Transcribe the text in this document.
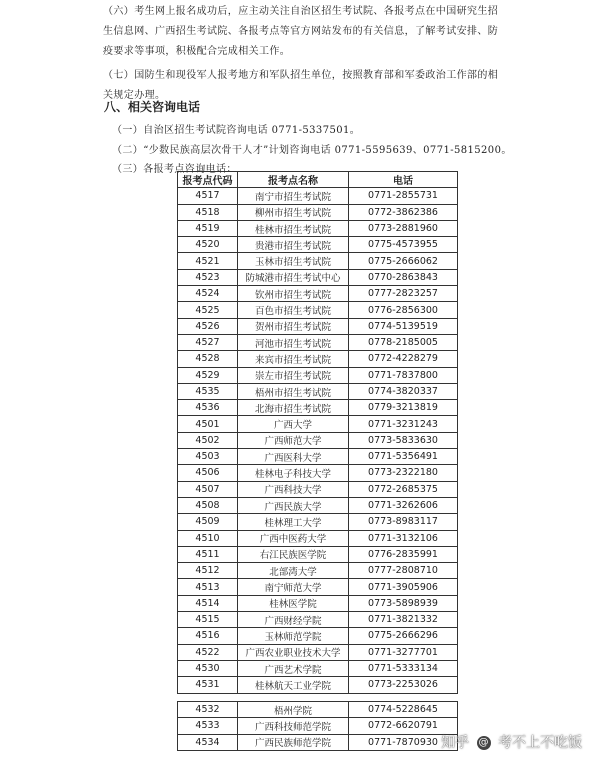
（六）考生网上报名成功后，应主动关注自治区招生考试院、各报考点在中国研究生招生信息网、广西招生考试院、各报考点等官方网站发布的有关信息，了解考试安排、防疫要求等事项，积极配合完成相关工作。
（七）国防生和现役军人报考地方和军队招生单位，按照教育部和军委政治工作部的相关规定办理。
八、相关咨询电话
（一）自治区招生考试院咨询电话 0771-5337501。
（二）“少数民族高层次骨干人才”计划咨询电话 0771-5595639、0771-5815200。
（三）各报考点咨询电话：
报考点代码	报考点名称	电话
4517	南宁市招生考试院	0771-2855731
4518	柳州市招生考试院	0772-3862386
4519	桂林市招生考试院	0773-2881960
4520	贵港市招生考试院	0775-4573955
4521	玉林市招生考试院	0775-2666062
4523	防城港市招生考试中心	0770-2863843
4524	钦州市招生考试院	0777-2823257
4525	百色市招生考试院	0776-2856300
4526	贺州市招生考试院	0774-5139519
4527	河池市招生考试院	0778-2185005
4528	来宾市招生考试院	0772-4228279
4529	崇左市招生考试院	0771-7837800
4535	梧州市招生考试院	0774-3820337
4536	北海市招生考试院	0779-3213819
4501	广西大学	0771-3231243
4502	广西师范大学	0773-5833630
4503	广西医科大学	0771-5356491
4506	桂林电子科技大学	0773-2322180
4507	广西科技大学	0772-2685375
4508	广西民族大学	0771-3262606
4509	桂林理工大学	0773-8983117
4510	广西中医药大学	0771-3132106
4511	右江民族医学院	0776-2835991
4512	北部湾大学	0777-2808710
4513	南宁师范大学	0771-3905906
4514	桂林医学院	0773-5898939
4515	广西财经学院	0771-3821332
4516	玉林师范学院	0775-2666296
4522	广西农业职业技术大学	0771-3277701
4530	广西艺术学院	0771-5333134
4531	桂林航天工业学院	0773-2253026
4532	梧州学院	0774-5228645
4533	广西科技师范学院	0772-6620791
4534	广西民族师范学院	0771-7870930 知乎 @ 考不上不吃饭
